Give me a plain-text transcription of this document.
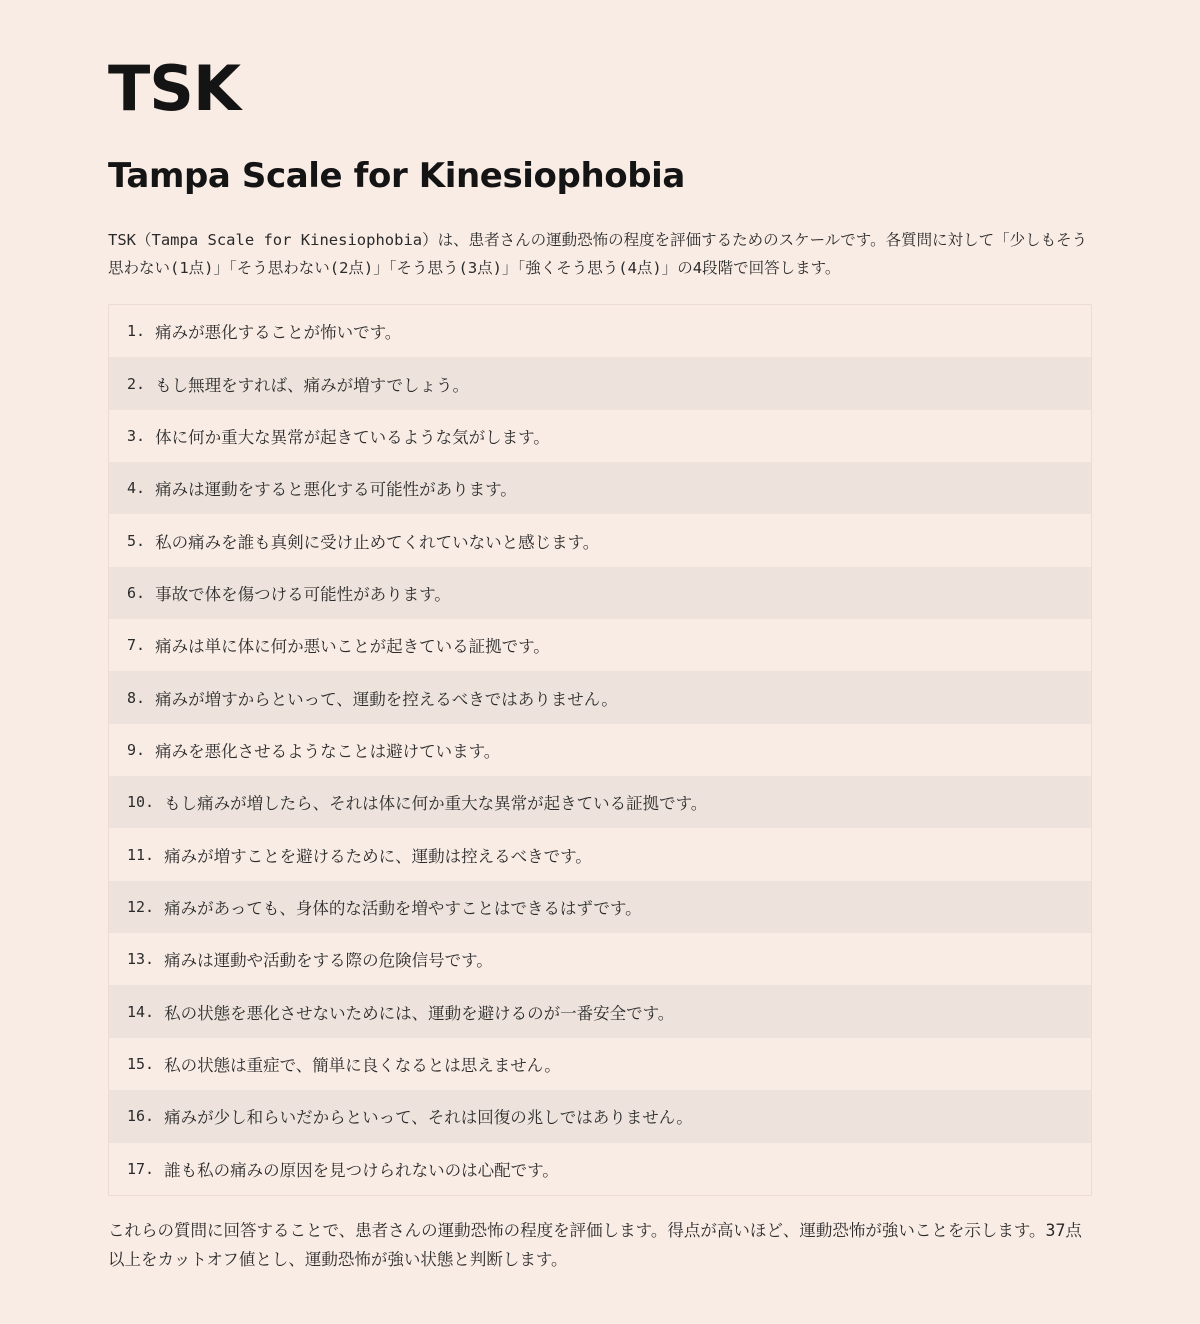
TSK
Tampa Scale for Kinesiophobia

TSK（Tampa Scale for Kinesiophobia）は、患者さんの運動恐怖の程度を評価するためのスケールです。各質問に対して「少しもそう思わない(1点)」「そう思わない(2点)」「そう思う(3点)」「強くそう思う(4点)」の4段階で回答します。

1. 痛みが悪化することが怖いです。
2. もし無理をすれば、痛みが増すでしょう。
3. 体に何か重大な異常が起きているような気がします。
4. 痛みは運動をすると悪化する可能性があります。
5. 私の痛みを誰も真剣に受け止めてくれていないと感じます。
6. 事故で体を傷つける可能性があります。
7. 痛みは単に体に何か悪いことが起きている証拠です。
8. 痛みが増すからといって、運動を控えるべきではありません。
9. 痛みを悪化させるようなことは避けています。
10. もし痛みが増したら、それは体に何か重大な異常が起きている証拠です。
11. 痛みが増すことを避けるために、運動は控えるべきです。
12. 痛みがあっても、身体的な活動を増やすことはできるはずです。
13. 痛みは運動や活動をする際の危険信号です。
14. 私の状態を悪化させないためには、運動を避けるのが一番安全です。
15. 私の状態は重症で、簡単に良くなるとは思えません。
16. 痛みが少し和らいだからといって、それは回復の兆しではありません。
17. 誰も私の痛みの原因を見つけられないのは心配です。

これらの質問に回答することで、患者さんの運動恐怖の程度を評価します。得点が高いほど、運動恐怖が強いことを示します。37点以上をカットオフ値とし、運動恐怖が強い状態と判断します。
